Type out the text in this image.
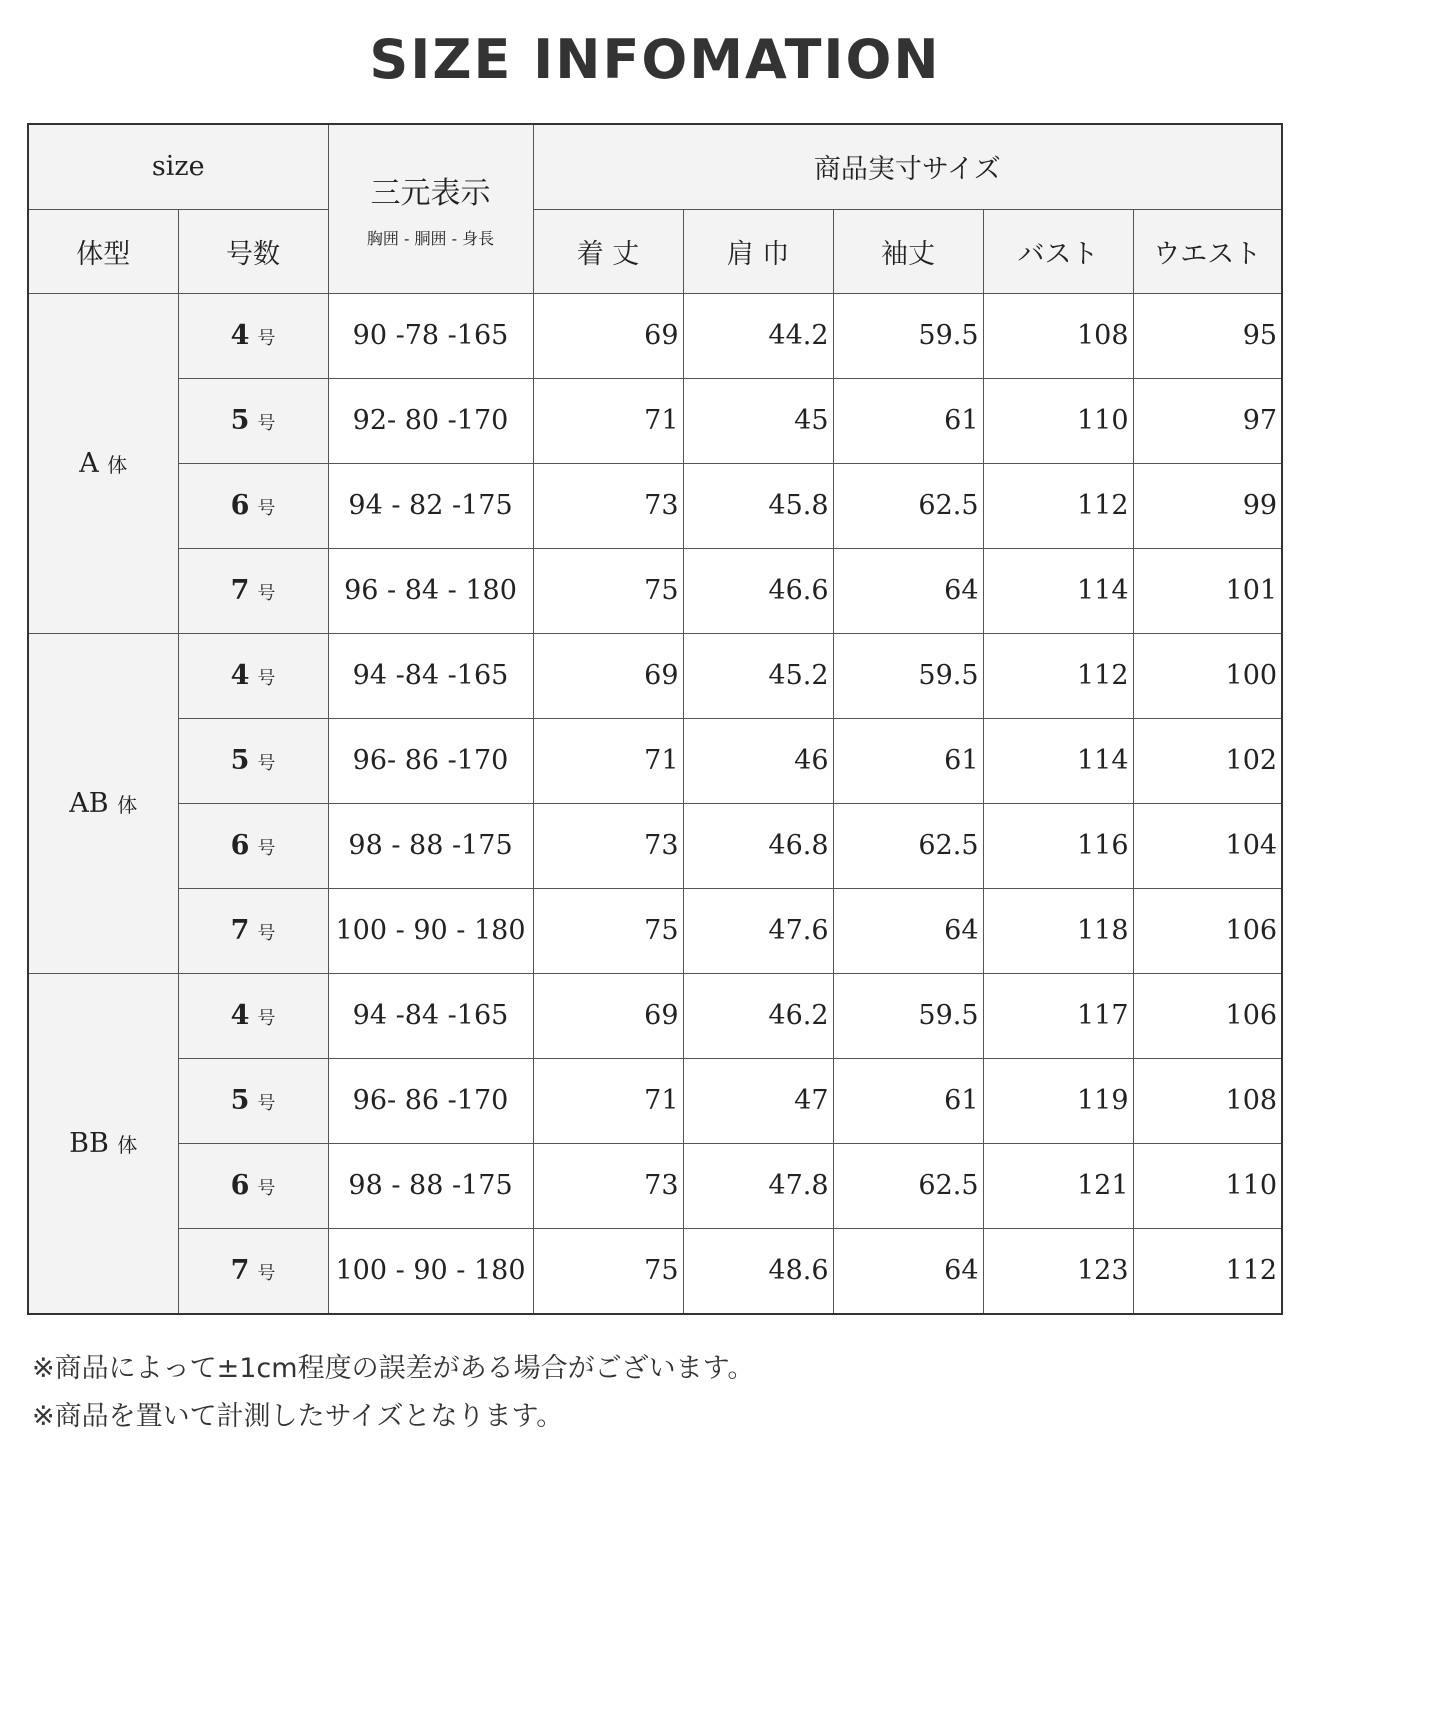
SIZE INFOMATION
size		三元表示
胸囲 - 胴囲 - 身長	商品実寸サイズ				
体型	号数		着 丈	肩 巾	袖丈	バスト	ウエスト
A 体	4 号	90 -78 -165	69	44.2	59.5	108	95
	5 号	92- 80 -170	71	45	61	110	97
	6 号	94 - 82 -175	73	45.8	62.5	112	99
	7 号	96 - 84 - 180	75	46.6	64	114	101
AB 体	4 号	94 -84 -165	69	45.2	59.5	112	100
	5 号	96- 86 -170	71	46	61	114	102
	6 号	98 - 88 -175	73	46.8	62.5	116	104
	7 号	100 - 90 - 180	75	47.6	64	118	106
BB 体	4 号	94 -84 -165	69	46.2	59.5	117	106
	5 号	96- 86 -170	71	47	61	119	108
	6 号	98 - 88 -175	73	47.8	62.5	121	110
	7 号	100 - 90 - 180	75	48.6	64	123	112
※商品によって±1cm程度の誤差がある場合がございます。
※商品を置いて計測したサイズとなります。
